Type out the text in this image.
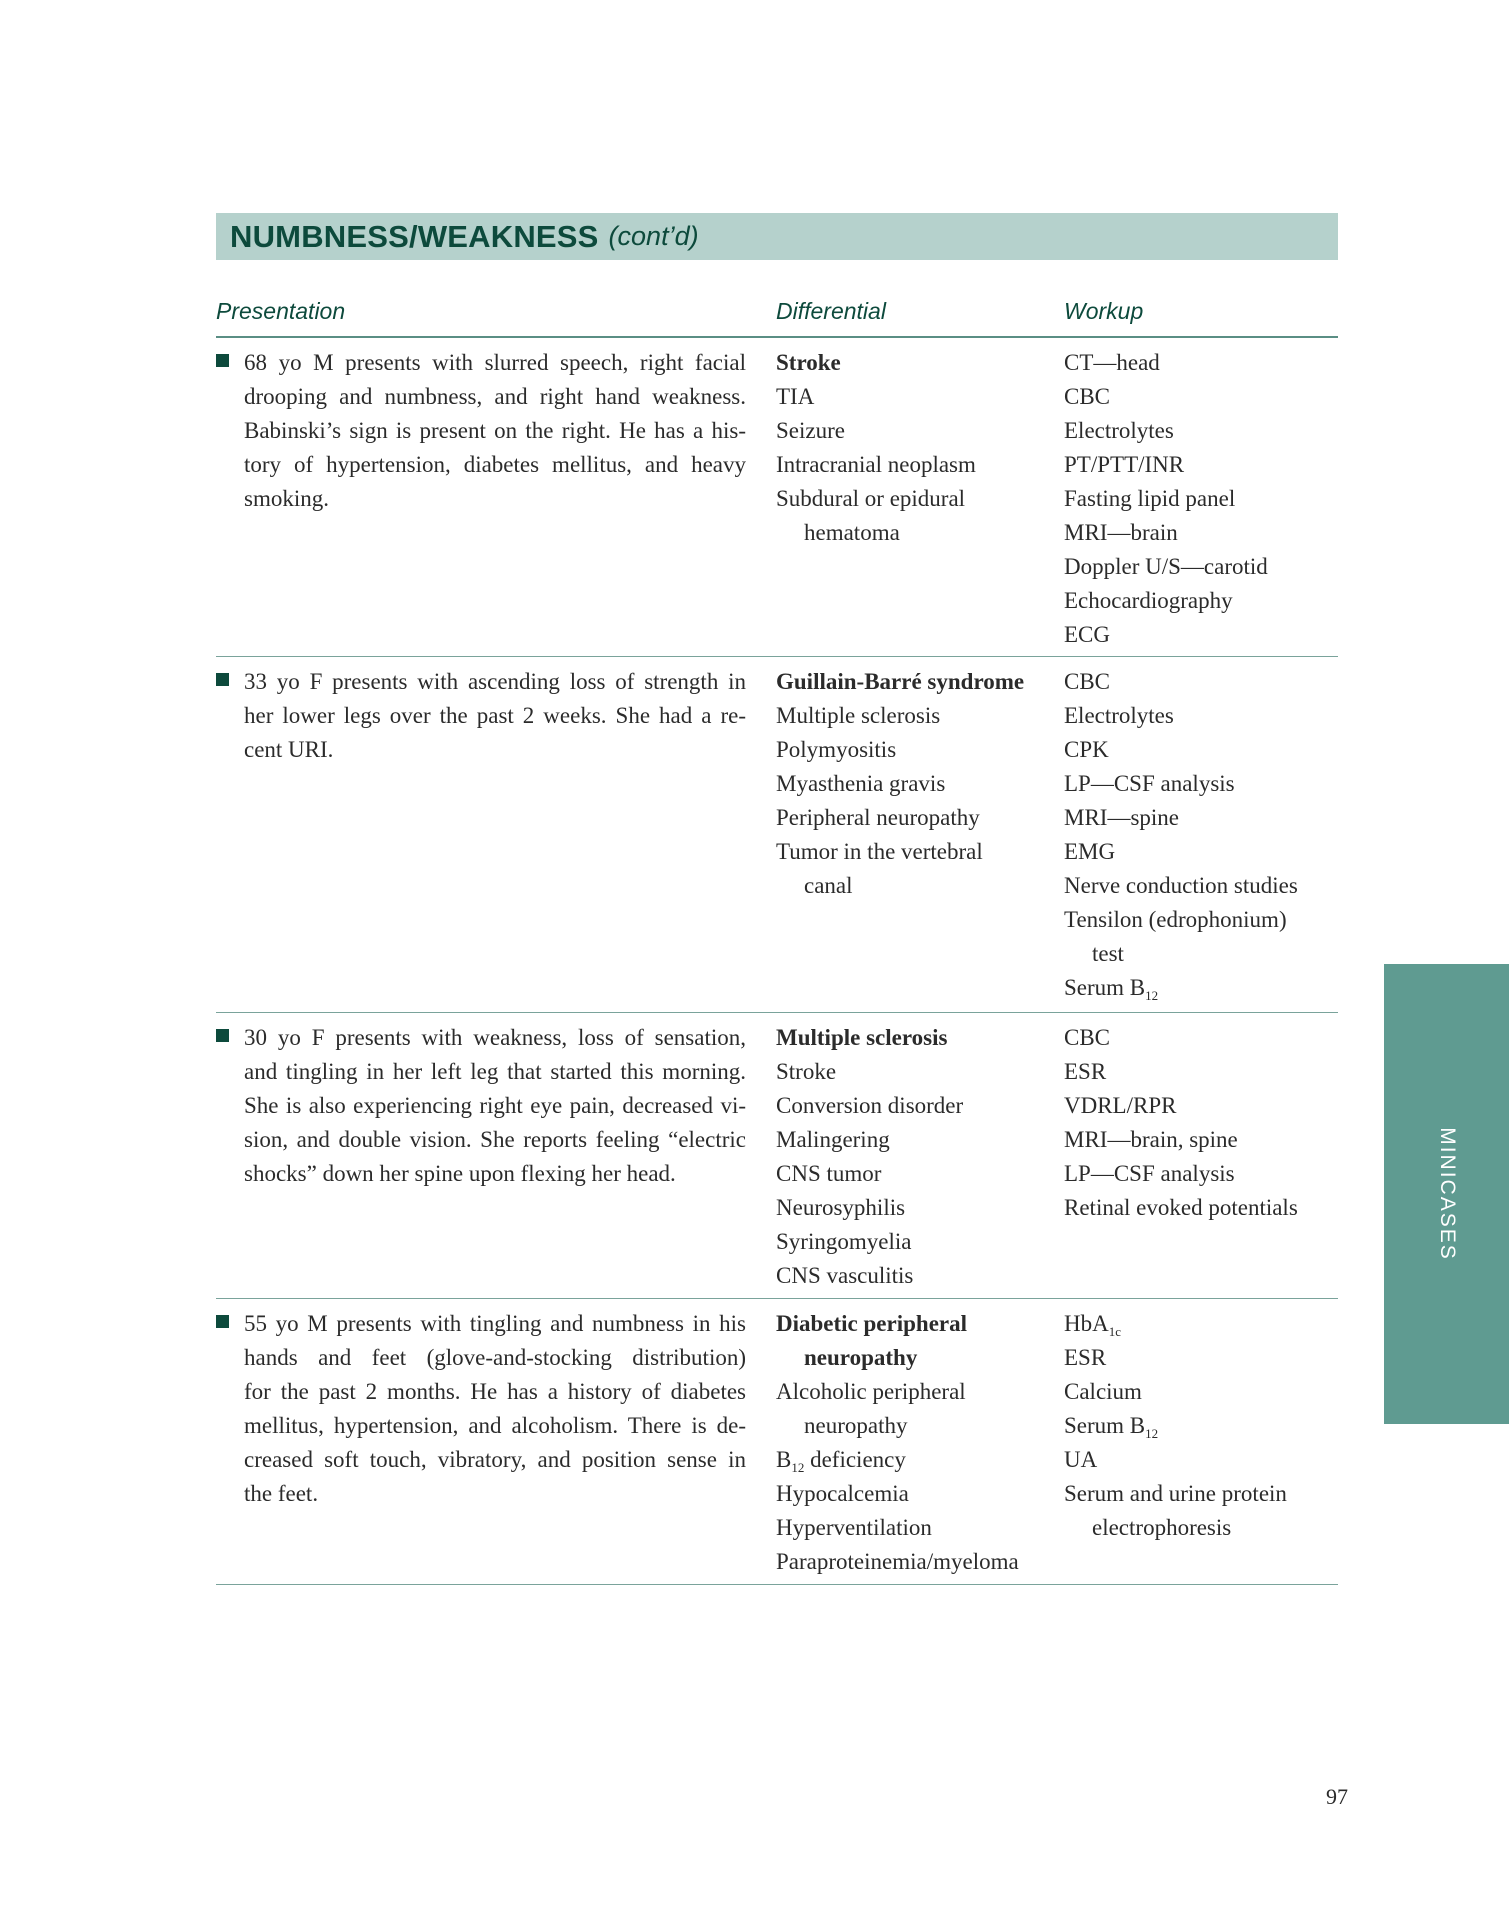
NUMBNESS/WEAKNESS (cont’d)
Presentation	Differential	Workup
68 yo M presents with slurred speech, right facial
drooping and numbness, and right hand weakness.
Babinski’s sign is present on the right. He has a his-
tory of hypertension, diabetes mellitus, and heavy
smoking.
Stroke
TIA
Seizure
Intracranial neoplasm
Subdural or epidural
hematoma
CT—head
CBC
Electrolytes
PT/PTT/INR
Fasting lipid panel
MRI—brain
Doppler U/S—carotid
Echocardiography
ECG
33 yo F presents with ascending loss of strength in
her lower legs over the past 2 weeks. She had a re-
cent URI.
Guillain-Barré syndrome
Multiple sclerosis
Polymyositis
Myasthenia gravis
Peripheral neuropathy
Tumor in the vertebral
canal
CBC
Electrolytes
CPK
LP—CSF analysis
MRI—spine
EMG
Nerve conduction studies
Tensilon (edrophonium)
test
Serum $B_{12}$
30 yo F presents with weakness, loss of sensation,
and tingling in her left leg that started this morning.
She is also experiencing right eye pain, decreased vi-
sion, and double vision. She reports feeling “electric
shocks” down her spine upon flexing her head.
Multiple sclerosis
Stroke
Conversion disorder
Malingering
CNS tumor
Neurosyphilis
Syringomyelia
CNS vasculitis
CBC
ESR
VDRL/RPR
MRI—brain, spine
LP—CSF analysis
Retinal evoked potentials
55 yo M presents with tingling and numbness in his
hands and feet (glove-and-stocking distribution)
for the past 2 months. He has a history of diabetes
mellitus, hypertension, and alcoholism. There is de-
creased soft touch, vibratory, and position sense in
the feet.
Diabetic peripheral
neuropathy
Alcoholic peripheral
neuropathy
$B_{12}$ deficiency
Hypocalcemia
Hyperventilation
Paraproteinemia/myeloma
HbA$_{1c}$
ESR
Calcium
Serum $B_{12}$
UA
Serum and urine protein
electrophoresis
MINICASES
97
